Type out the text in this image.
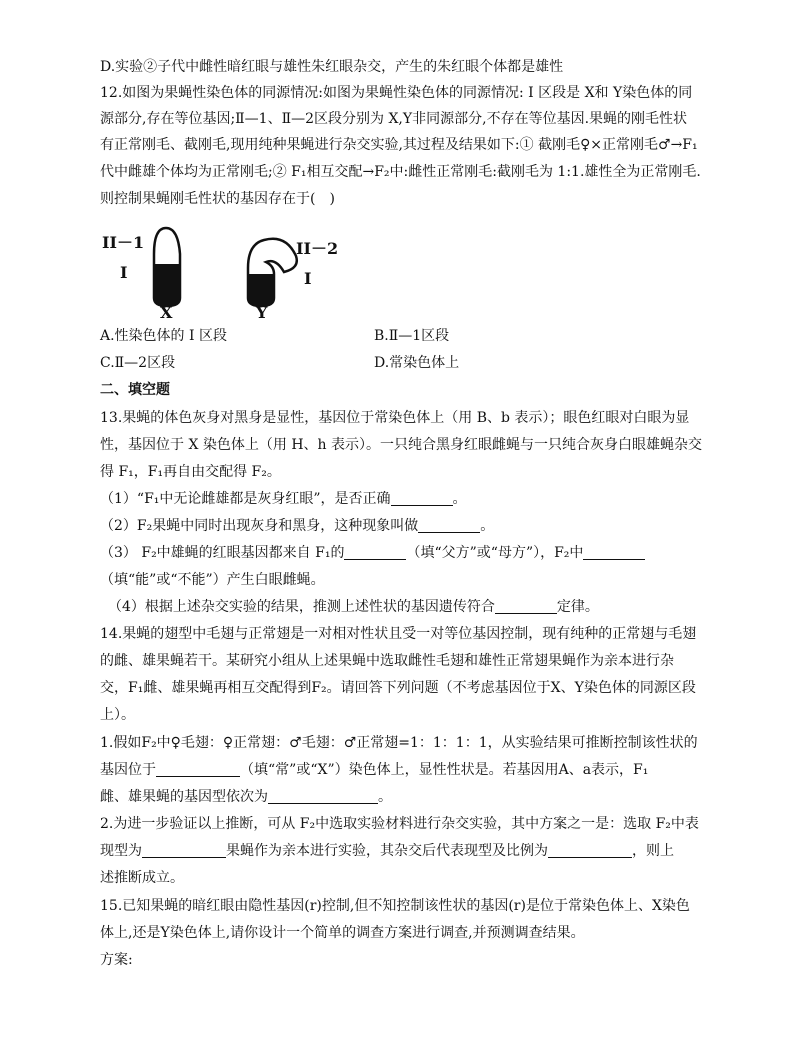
D.实验②子代中雌性暗红眼与雄性朱红眼杂交，产生的朱红眼个体都是雄性
12.如图为果蝇性染色体的同源情况:如图为果蝇性染色体的同源情况: I 区段是 X和 Y染色体的同
源部分,存在等位基因;Ⅱ—1、Ⅱ—2区段分别为 X,Y非同源部分,不存在等位基因.果蝇的刚毛性状
有正常刚毛、截刚毛,现用纯种果蝇进行杂交实验,其过程及结果如下:① 截刚毛♀×正常刚毛♂→F₁
代中雌雄个体均为正常刚毛;② F₁相互交配→F₂中:雌性正常刚毛:截刚毛为 1:1.雄性全为正常刚毛.
则控制果蝇刚毛性状的基因存在于(　)
II－1
I
X
II－2
I
Y
A.性染色体的 I 区段	B.Ⅱ—1区段
C.Ⅱ—2区段	D.常染色体上
二、填空题
13.果蝇的体色灰身对黑身是显性，基因位于常染色体上（用 B、b 表示）；眼色红眼对白眼为显
性，基因位于 X 染色体上（用 H、h 表示）。一只纯合黑身红眼雌蝇与一只纯合灰身白眼雄蝇杂交
得 F₁，F₁再自由交配得 F₂。
（1）“F₁中无论雌雄都是灰身红眼”，是否正确	。
（2）F₂果蝇中同时出现灰身和黑身，这种现象叫做	。
（3） F₂中雄蝇的红眼基因都来自 F₁的	（填“父方”或“母方”），F₂中
（填“能”或“不能”）产生白眼雌蝇。
（4）根据上述杂交实验的结果，推测上述性状的基因遗传符合	定律。
14.果蝇的翅型中毛翅与正常翅是一对相对性状且受一对等位基因控制，现有纯种的正常翅与毛翅
的雌、雄果蝇若干。某研究小组从上述果蝇中选取雌性毛翅和雄性正常翅果蝇作为亲本进行杂
交，F₁雌、雄果蝇再相互交配得到F₂。请回答下列问题（不考虑基因位于X、Y染色体的同源区段
上）。
1.假如F₂中♀毛翅：♀正常翅：♂毛翅：♂正常翅=1：1：1：1，从实验结果可推断控制该性状的
基因位于	（填“常”或“X”）染色体上，显性性状是。若基因用A、a表示，F₁
雌、雄果蝇的基因型依次为	。
2.为进一步验证以上推断，可从 F₂中选取实验材料进行杂交实验，其中方案之一是：选取 F₂中表
现型为	果蝇作为亲本进行实验，其杂交后代表现型及比例为	，则上
述推断成立。
15.已知果蝇的暗红眼由隐性基因(r)控制,但不知控制该性状的基因(r)是位于常染色体上、X染色
体上,还是Y染色体上,请你设计一个简单的调查方案进行调查,并预测调查结果。
方案:
